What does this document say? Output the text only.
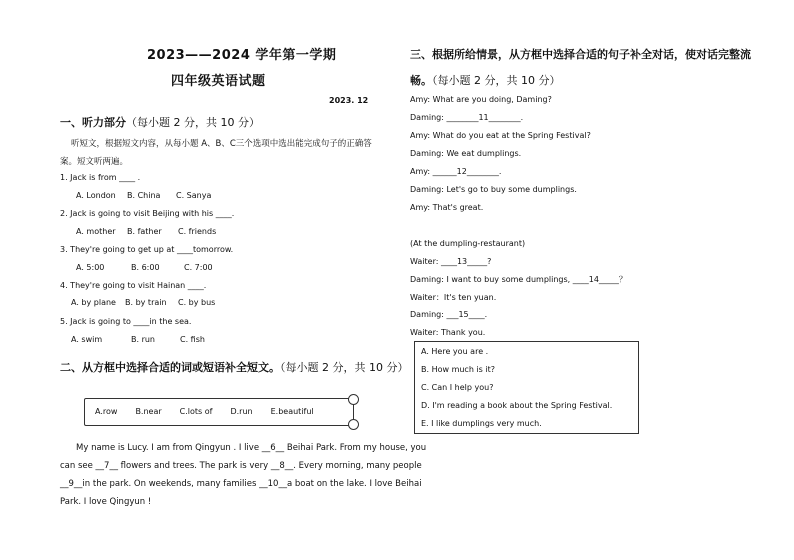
2023——2024 学年第一学期
四年级英语试题
2023. 12
一、听力部分（每小题 2 分，共 10 分）
听短文，根据短文内容，从每小题 A、B、C三个选项中选出能完成句子的正确答
案。短文听两遍。
1. Jack is from ____ .
A. London B. China C. Sanya
2. Jack is going to visit Beijing with his ____.
A. mother B. father C. friends
3. They're going to get up at ____tomorrow.
A. 5:00	B. 6:00	C. 7:00
4. They're going to visit Hainan ____.
A. by plane B. by train C. by bus
5. Jack is going to ____in the sea.
A. swim	B. run	C. fish
二、从方框中选择合适的词或短语补全短文。（每小题 2 分，共 10 分）
A.row B.near C.lots of D.run E.beautiful
My name is Lucy. I am from Qingyun . I live __6__ Beihai Park. From my house, you
can see __7__ flowers and trees. The park is very __8__. Every morning, many people
__9__in the park. On weekends, many families __10__a boat on the lake. I love Beihai
Park. I love Qingyun !
三、根据所给情景，从方框中选择合适的句子补全对话，使对话完整流
畅。（每小题 2 分，共 10 分）
Amy: What are you doing, Daming?
Daming: ________11________.
Amy: What do you eat at the Spring Festival?
Daming: We eat dumplings.
Amy: ______12________.
Daming: Let's go to buy some dumplings.
Amy: That's great.
(At the dumpling-restaurant)
Waiter: ____13_____?
Daming: I want to buy some dumplings, ____14_____？
Waiter：It's ten yuan.
Daming: ___15____.
Waiter: Thank you.
A. Here you are .
B. How much is it?
C. Can I help you?
D. I'm reading a book about the Spring Festival.
E. I like dumplings very much.
